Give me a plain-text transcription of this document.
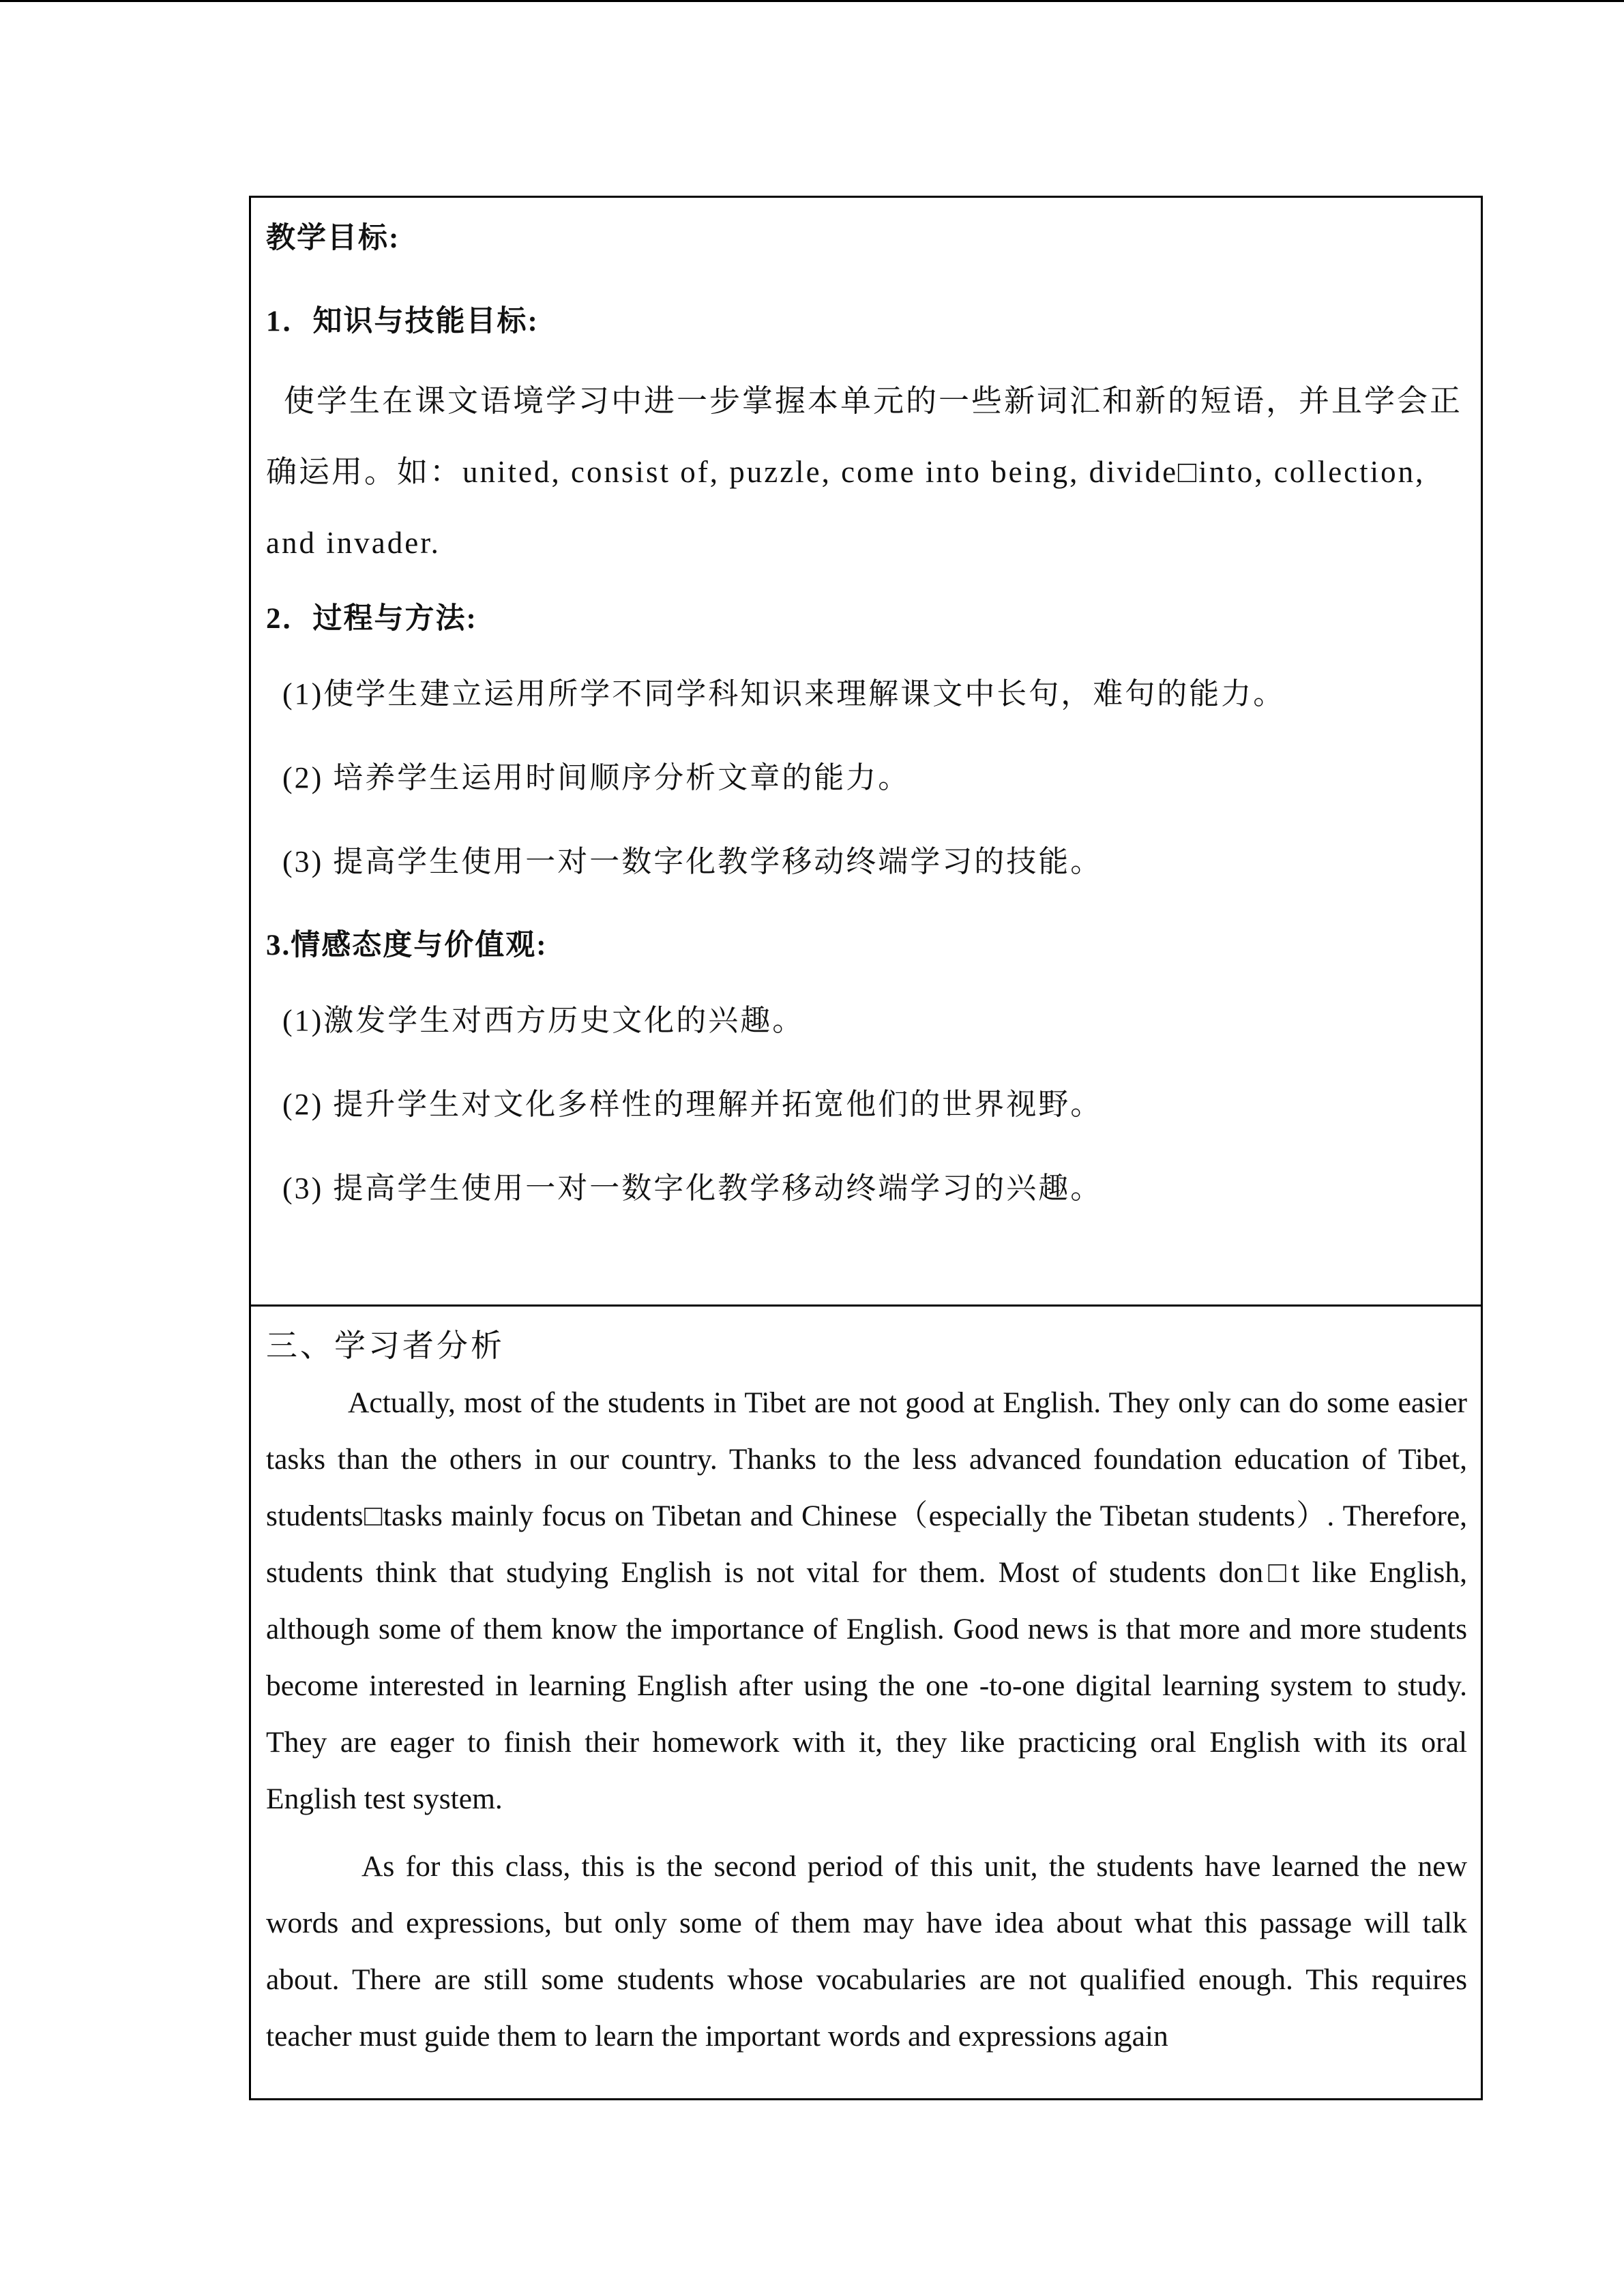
教学目标:

1．知识与技能目标:

使学生在课文语境学习中进一步掌握本单元的一些新词汇和新的短语，并且学会正确运用。如：united, consist of, puzzle, come into being, divide□into, collection, and invader.

2．过程与方法:

(1)使学生建立运用所学不同学科知识来理解课文中长句，难句的能力。

(2) 培养学生运用时间顺序分析文章的能力。

(3) 提高学生使用一对一数字化教学移动终端学习的技能。

3.情感态度与价值观:

(1)激发学生对西方历史文化的兴趣。

(2) 提升学生对文化多样性的理解并拓宽他们的世界视野。

(3) 提高学生使用一对一数字化教学移动终端学习的兴趣。

三、学习者分析

Actually, most of the students in Tibet are not good at English. They only can do some easier tasks than the others in our country. Thanks to the less advanced foundation education of Tibet, students□tasks mainly focus on Tibetan and Chinese（especially the Tibetan students）. Therefore, students think that studying English is not vital for them. Most of students don□t like English, although some of them know the importance of English. Good news is that more and more students become interested in learning English after using the one -to-one digital learning system to study. They are eager to finish their homework with it, they like practicing oral English with its oral English test system.

As for this class, this is the second period of this unit, the students have learned the new words and expressions, but only some of them may have idea about what this passage will talk about. There are still some students whose vocabularies are not qualified enough. This requires teacher must guide them to learn the important words and expressions again
